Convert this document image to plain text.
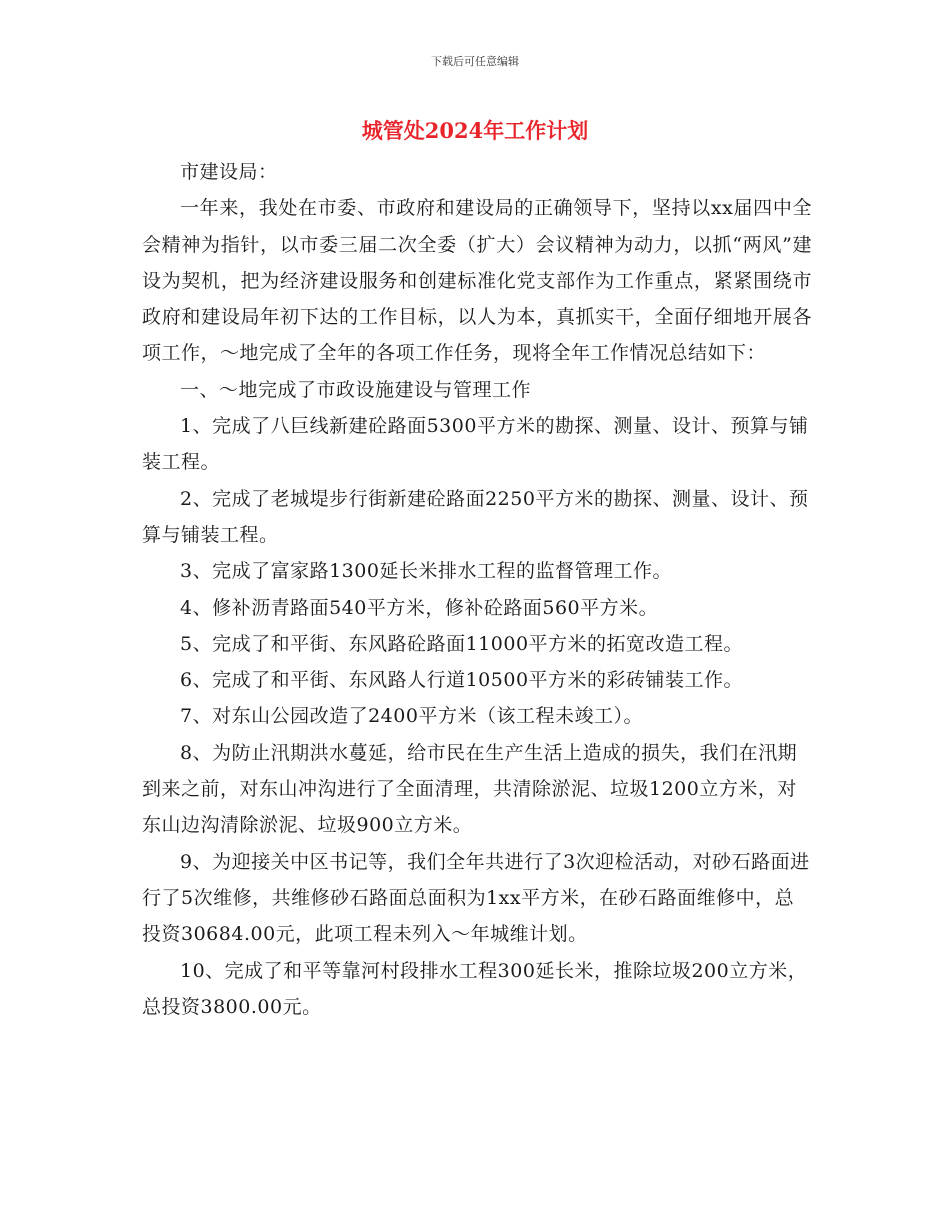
下载后可任意编辑
城管处2024年工作计划

市建设局：

一年来，我处在市委、市政府和建设局的正确领导下，坚持以xx届四中全会精神为指针，以市委三届二次全委（扩大）会议精神为动力，以抓“两风”建设为契机，把为经济建设服务和创建标准化党支部作为工作重点，紧紧围绕市政府和建设局年初下达的工作目标，以人为本，真抓实干，全面仔细地开展各项工作，～地完成了全年的各项工作任务，现将全年工作情况总结如下：

一、～地完成了市政设施建设与管理工作

1、完成了八巨线新建砼路面5300平方米的勘探、测量、设计、预算与铺装工程。

2、完成了老城堤步行街新建砼路面2250平方米的勘探、测量、设计、预算与铺装工程。

3、完成了富家路1300延长米排水工程的监督管理工作。

4、修补沥青路面540平方米，修补砼路面560平方米。

5、完成了和平街、东风路砼路面11000平方米的拓宽改造工程。

6、完成了和平街、东风路人行道10500平方米的彩砖铺装工作。

7、对东山公园改造了2400平方米（该工程未竣工）。

8、为防止汛期洪水蔓延，给市民在生产生活上造成的损失，我们在汛期到来之前，对东山冲沟进行了全面清理，共清除淤泥、垃圾1200立方米，对东山边沟清除淤泥、垃圾900立方米。

9、为迎接关中区书记等，我们全年共进行了3次迎检活动，对砂石路面进行了5次维修，共维修砂石路面总面积为1xx平方米，在砂石路面维修中，总投资30684.00元，此项工程未列入～年城维计划。

10、完成了和平等靠河村段排水工程300延长米，推除垃圾200立方米，总投资3800.00元。
